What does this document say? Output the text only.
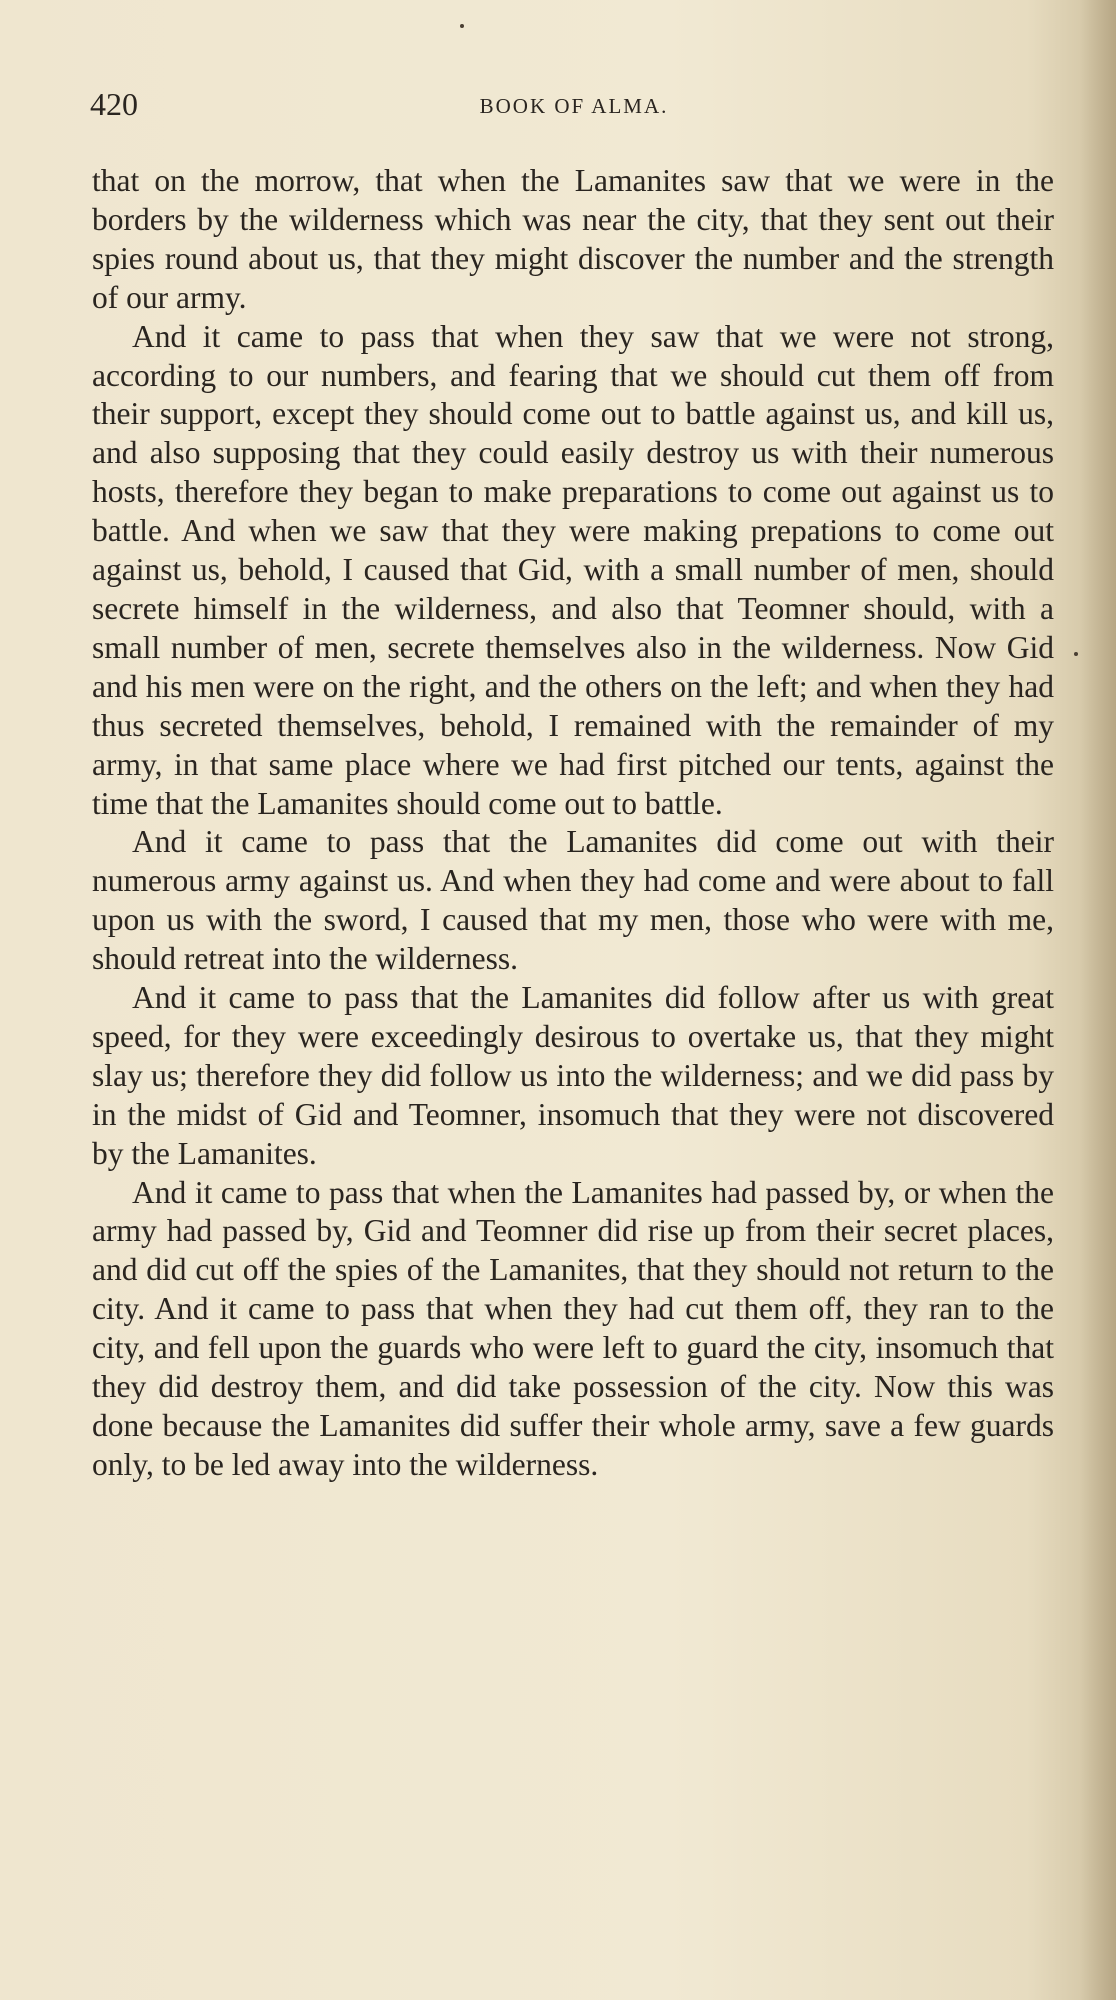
420	BOOK OF ALMA.

that on the morrow, that when the Lamanites saw that we were in the borders by the wilderness which was near the city, that they sent out their spies round about us, that they might discover the number and the strength of our army.

And it came to pass that when they saw that we were not strong, according to our numbers, and fearing that we should cut them off from their support, except they should come out to battle against us, and kill us, and also supposing that they could easily destroy us with their numerous hosts, therefore they began to make preparations to come out against us to battle. And when we saw that they were making prepations to come out against us, behold, I caused that Gid, with a small number of men, should secrete himself in the wilderness, and also that Teomner should, with a small number of men, secrete themselves also in the wilderness. Now Gid and his men were on the right, and the others on the left; and when they had thus secreted themselves, behold, I remained with the remainder of my army, in that same place where we had first pitched our tents, against the time that the Lamanites should come out to battle.

And it came to pass that the Lamanites did come out with their numerous army against us. And when they had come and were about to fall upon us with the sword, I caused that my men, those who were with me, should retreat into the wilderness.

And it came to pass that the Lamanites did follow after us with great speed, for they were exceedingly desirous to overtake us, that they might slay us; therefore they did follow us into the wilderness; and we did pass by in the midst of Gid and Teomner, insomuch that they were not discovered by the Lamanites.

And it came to pass that when the Lamanites had passed by, or when the army had passed by, Gid and Teomner did rise up from their secret places, and did cut off the spies of the Lamanites, that they should not return to the city. And it came to pass that when they had cut them off, they ran to the city, and fell upon the guards who were left to guard the city, insomuch that they did destroy them, and did take possession of the city. Now this was done because the Lamanites did suffer their whole army, save a few guards only, to be led away into the wilderness.
